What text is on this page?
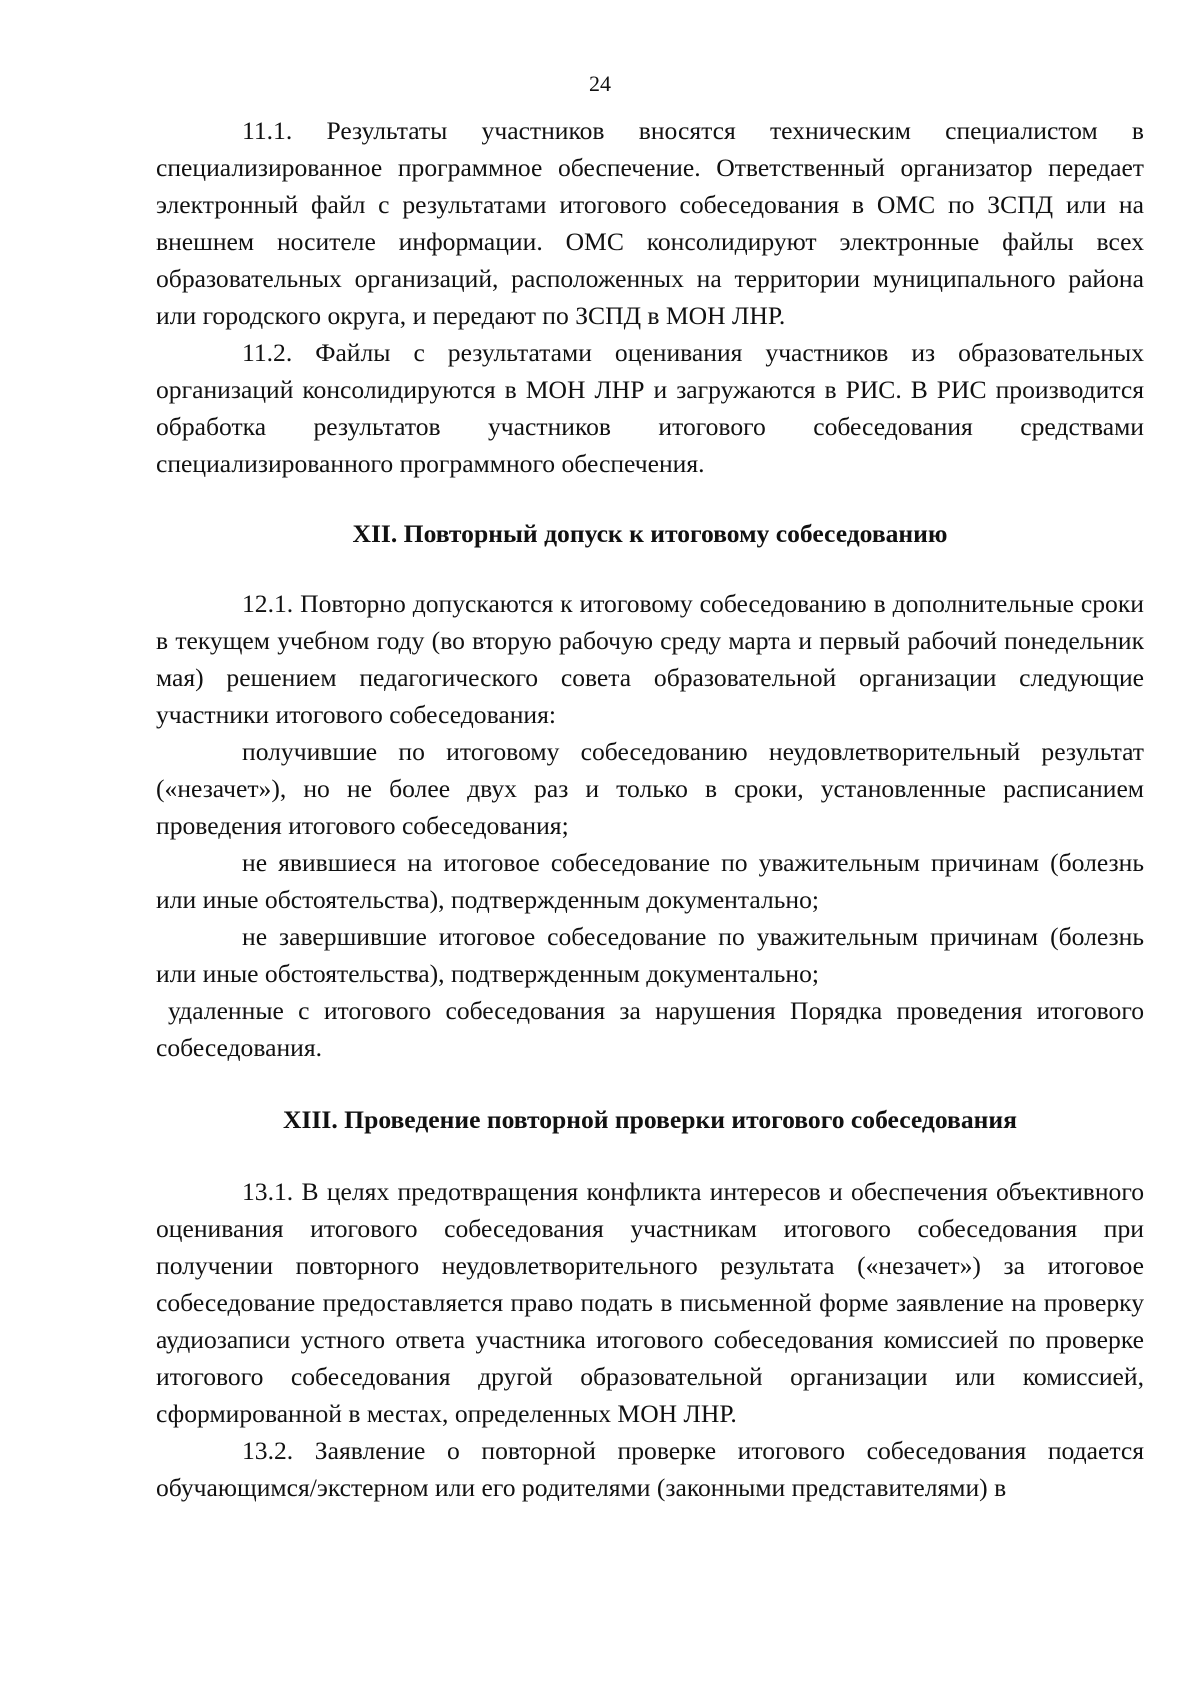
24

11.1. Результаты участников вносятся техническим специалистом в специализированное программное обеспечение. Ответственный организатор передает электронный файл с результатами итогового собеседования в ОМС по ЗСПД или на внешнем носителе информации. ОМС консолидируют электронные файлы всех образовательных организаций, расположенных на территории муниципального района или городского округа, и передают по ЗСПД в МОН ЛНР.

11.2. Файлы с результатами оценивания участников из образовательных организаций консолидируются в МОН ЛНР и загружаются в РИС. В РИС производится обработка результатов участников итогового собеседования средствами специализированного программного обеспечения.

XII. Повторный допуск к итоговому собеседованию

12.1. Повторно допускаются к итоговому собеседованию в дополнительные сроки в текущем учебном году (во вторую рабочую среду марта и первый рабочий понедельник мая) решением педагогического совета образовательной организации следующие участники итогового собеседования:

получившие по итоговому собеседованию неудовлетворительный результат («незачет»), но не более двух раз и только в сроки, установленные расписанием проведения итогового собеседования;

не явившиеся на итоговое собеседование по уважительным причинам (болезнь или иные обстоятельства), подтвержденным документально;

не завершившие итоговое собеседование по уважительным причинам (болезнь или иные обстоятельства), подтвержденным документально;

удаленные с итогового собеседования за нарушения Порядка проведения итогового собеседования.

XIII. Проведение повторной проверки итогового собеседования

13.1. В целях предотвращения конфликта интересов и обеспечения объективного оценивания итогового собеседования участникам итогового собеседования при получении повторного неудовлетворительного результата («незачет») за итоговое собеседование предоставляется право подать в письменной форме заявление на проверку аудиозаписи устного ответа участника итогового собеседования комиссией по проверке итогового собеседования другой образовательной организации или комиссией, сформированной в местах, определенных МОН ЛНР.

13.2. Заявление о повторной проверке итогового собеседования подается обучающимся/экстерном или его родителями (законными представителями) в
